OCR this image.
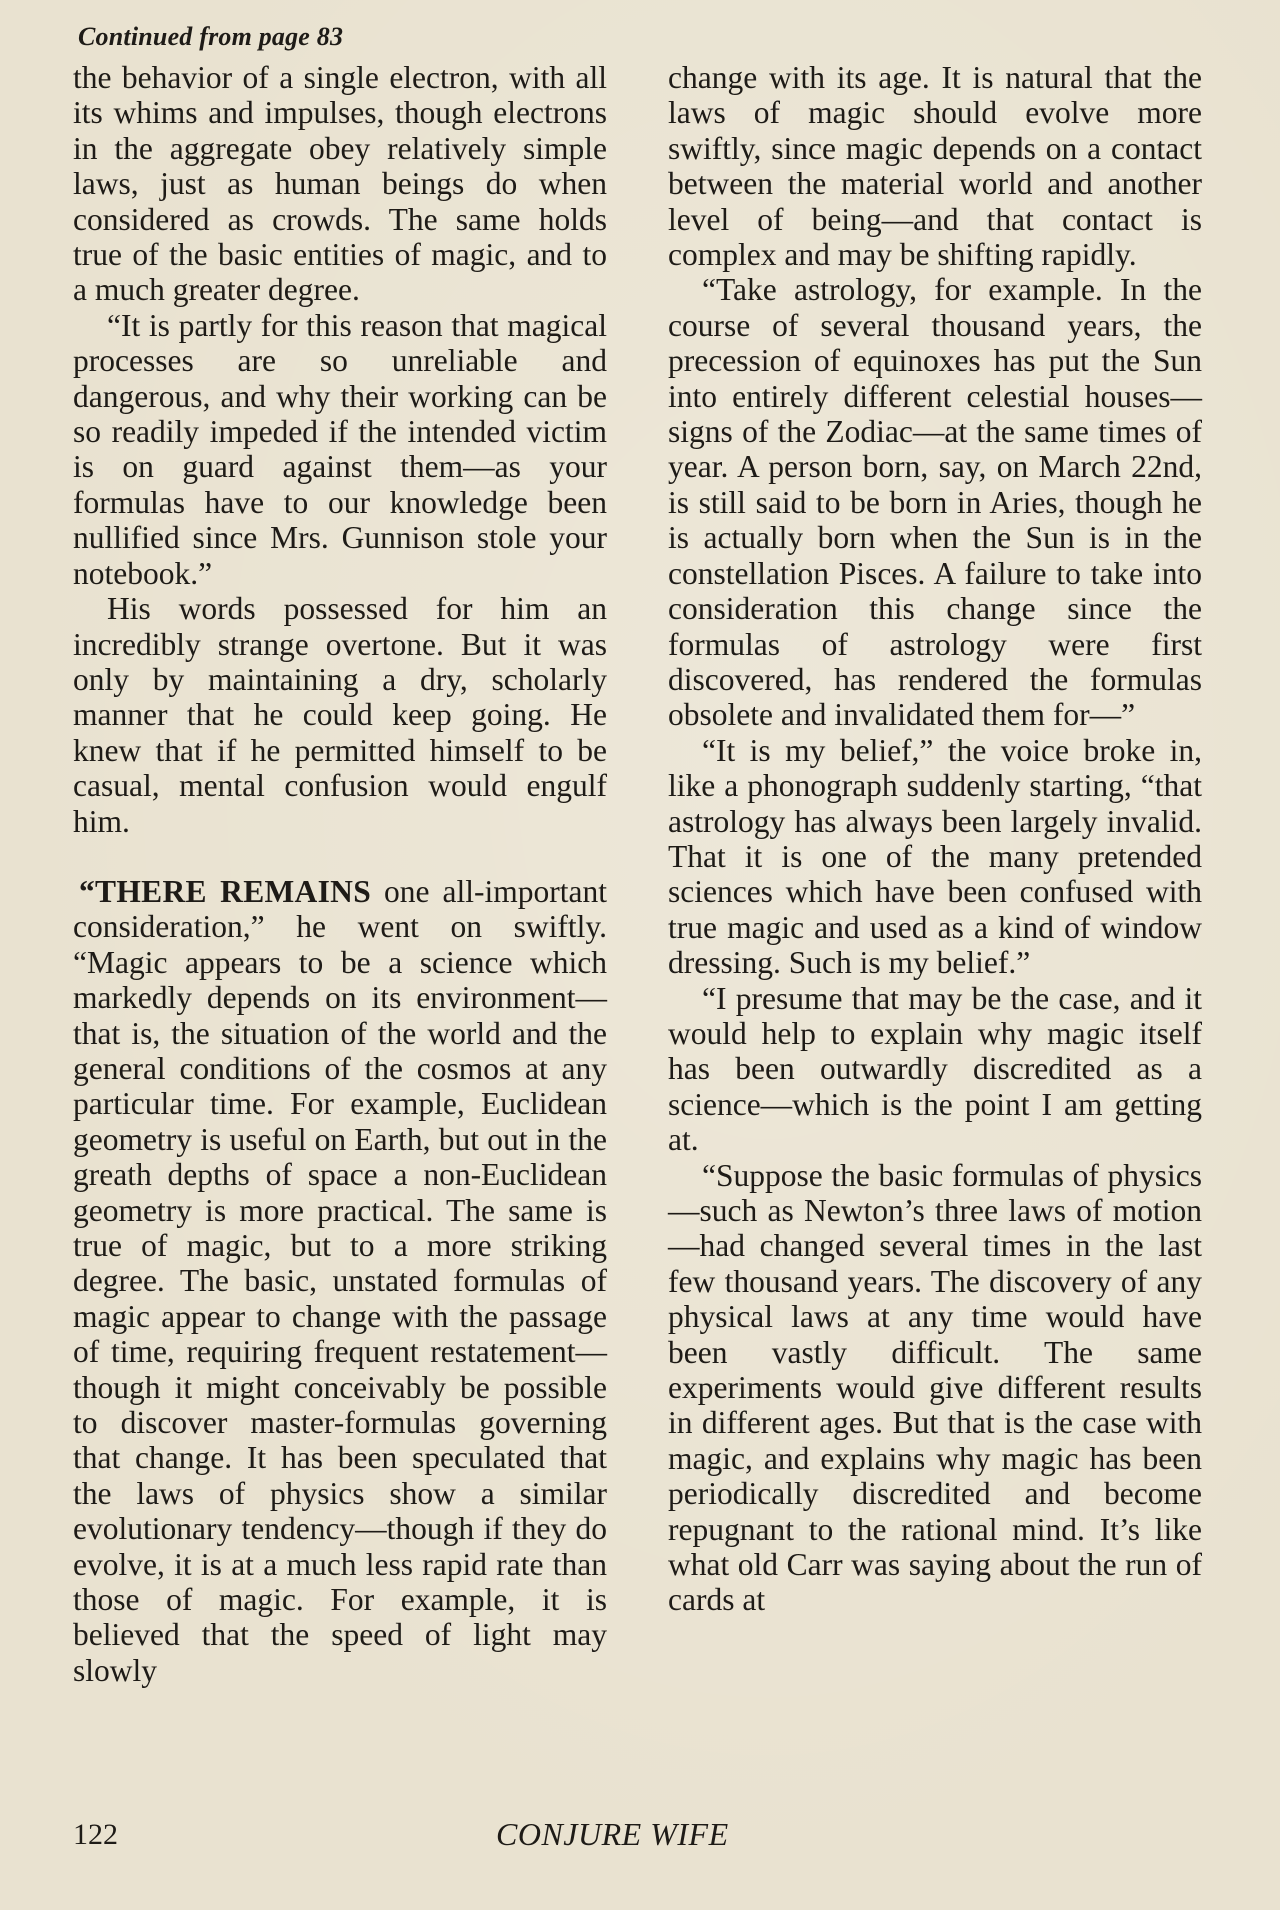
Continued from page 83

the behavior of a single electron, with all its whims and impulses, though electrons in the aggregate obey relatively simple laws, just as human beings do when considered as crowds. The same holds true of the basic entities of magic, and to a much greater degree.

“It is partly for this reason that magical processes are so unreliable and dangerous, and why their working can be so readily impeded if the intended victim is on guard against them—as your formulas have to our knowledge been nullified since Mrs. Gunnison stole your notebook.”

His words possessed for him an incredibly strange overtone. But it was only by maintaining a dry, scholarly manner that he could keep going. He knew that if he permitted himself to be casual, mental confusion would engulf him.

“THERE REMAINS one all-important consideration,” he went on swiftly. “Magic appears to be a science which markedly depends on its environment—that is, the situation of the world and the general conditions of the cosmos at any particular time. For example, Euclidean geometry is useful on Earth, but out in the greath depths of space a non-Euclidean geometry is more practical. The same is true of magic, but to a more striking degree. The basic, unstated formulas of magic appear to change with the passage of time, requiring frequent restatement—though it might conceivably be possible to discover master-formulas governing that change. It has been speculated that the laws of physics show a similar evolutionary tendency—though if they do evolve, it is at a much less rapid rate than those of magic. For example, it is believed that the speed of light may slowly

change with its age. It is natural that the laws of magic should evolve more swiftly, since magic depends on a contact between the material world and another level of being—and that contact is complex and may be shifting rapidly.

“Take astrology, for example. In the course of several thousand years, the precession of equinoxes has put the Sun into entirely different celestial houses—signs of the Zodiac—at the same times of year. A person born, say, on March 22nd, is still said to be born in Aries, though he is actually born when the Sun is in the constellation Pisces. A failure to take into consideration this change since the formulas of astrology were first discovered, has rendered the formulas obsolete and invalidated them for—”

“It is my belief,” the voice broke in, like a phonograph suddenly starting, “that astrology has always been largely invalid. That it is one of the many pretended sciences which have been confused with true magic and used as a kind of window dressing. Such is my belief.”

“I presume that may be the case, and it would help to explain why magic itself has been outwardly discredited as a science—which is the point I am getting at.

“Suppose the basic formulas of physics—such as Newton’s three laws of motion—had changed several times in the last few thousand years. The discovery of any physical laws at any time would have been vastly difficult. The same experiments would give different results in different ages. But that is the case with magic, and explains why magic has been periodically discredited and become repugnant to the rational mind. It’s like what old Carr was saying about the run of cards at

122	CONJURE WIFE
